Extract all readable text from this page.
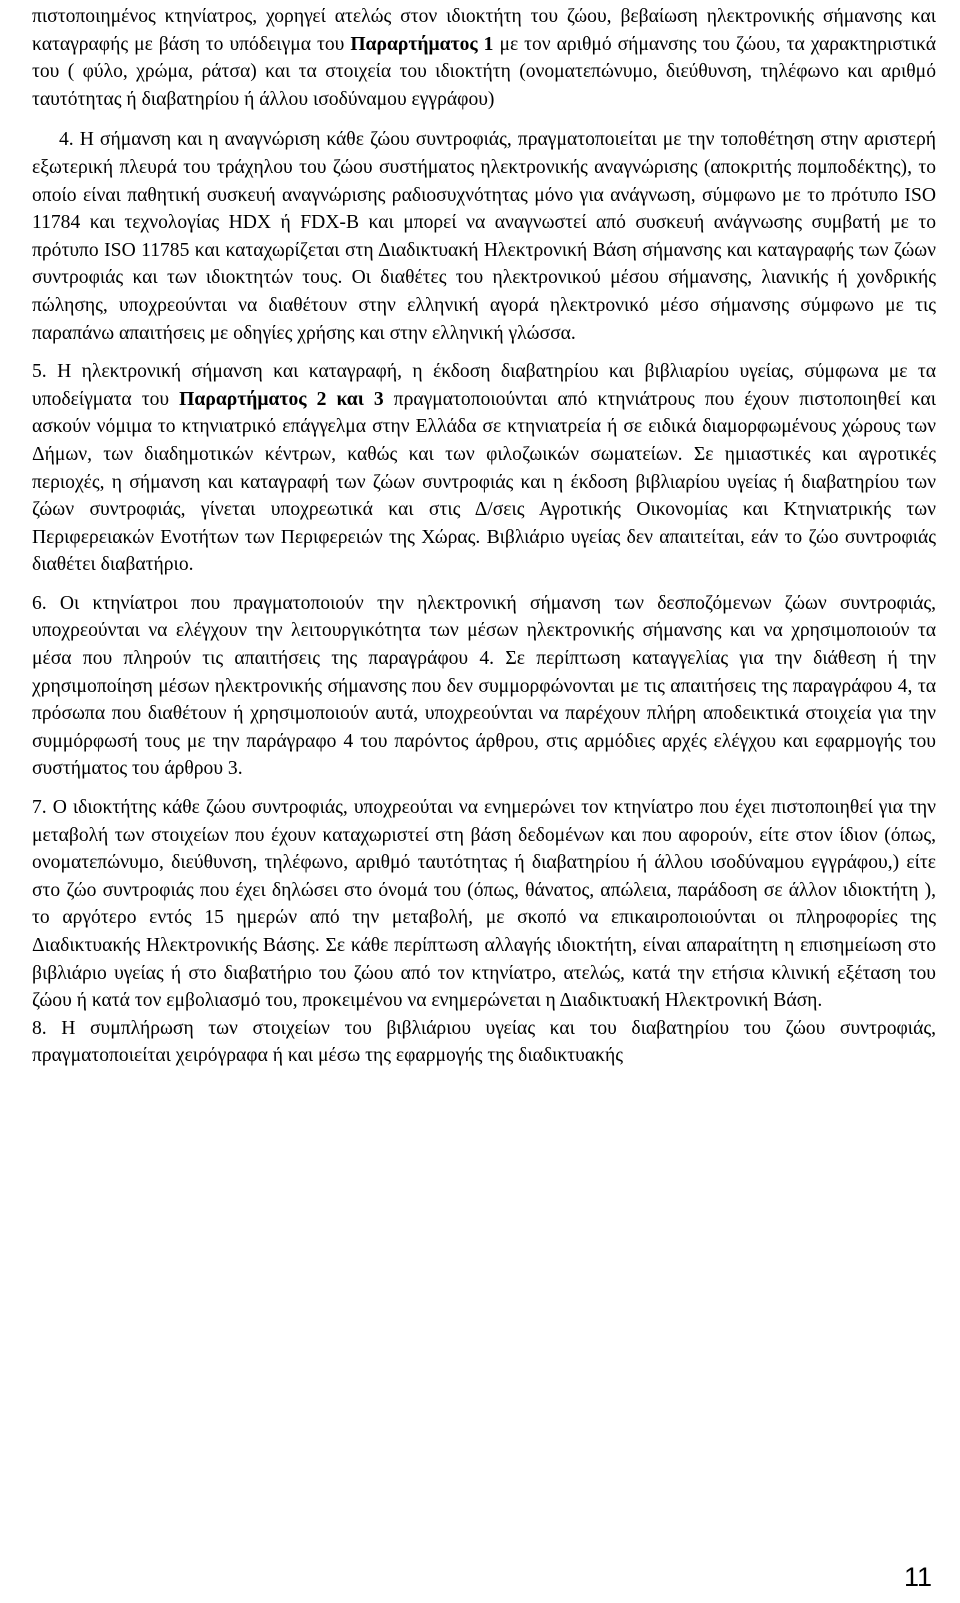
πιστοποιημένος κτηνίατρος, χορηγεί ατελώς στον ιδιοκτήτη του ζώου, βεβαίωση ηλεκτρονικής σήμανσης και καταγραφής με βάση το υπόδειγμα του Παραρτήματος 1 με τον αριθμό σήμανσης του ζώου, τα χαρακτηριστικά του ( φύλο, χρώμα, ράτσα) και τα στοιχεία του ιδιοκτήτη (ονοματεπώνυμο, διεύθυνση, τηλέφωνο και αριθμό ταυτότητας ή διαβατηρίου ή άλλου ισοδύναμου εγγράφου)

4. Η σήμανση και η αναγνώριση κάθε ζώου συντροφιάς, πραγματοποιείται με την τοποθέτηση στην αριστερή εξωτερική πλευρά του τράχηλου του ζώου συστήματος ηλεκτρονικής αναγνώρισης (αποκριτής πομποδέκτης), το οποίο είναι παθητική συσκευή αναγνώρισης ραδιοσυχνότητας μόνο για ανάγνωση, σύμφωνο με το πρότυπο ISO 11784 και τεχνολογίας HDX ή FDX-B και μπορεί να αναγνωστεί από συσκευή ανάγνωσης συμβατή με το πρότυπο ISO 11785 και καταχωρίζεται στη Διαδικτυακή Ηλεκτρονική Βάση σήμανσης και καταγραφής των ζώων συντροφιάς και των ιδιοκτητών τους. Οι διαθέτες του ηλεκτρονικού μέσου σήμανσης, λιανικής ή χονδρικής πώλησης, υποχρεούνται να διαθέτουν στην ελληνική αγορά ηλεκτρονικό μέσο σήμανσης σύμφωνο με τις παραπάνω απαιτήσεις με οδηγίες χρήσης και στην ελληνική γλώσσα.

5. Η ηλεκτρονική σήμανση και καταγραφή, η έκδοση διαβατηρίου και βιβλιαρίου υγείας, σύμφωνα με τα υποδείγματα του Παραρτήματος 2 και 3 πραγματοποιούνται από κτηνιάτρους που έχουν πιστοποιηθεί και ασκούν νόμιμα το κτηνιατρικό επάγγελμα στην Ελλάδα σε κτηνιατρεία ή σε ειδικά διαμορφωμένους χώρους των Δήμων, των διαδημοτικών κέντρων, καθώς και των φιλοζωικών σωματείων. Σε ημιαστικές και αγροτικές περιοχές, η σήμανση και καταγραφή των ζώων συντροφιάς και η έκδοση βιβλιαρίου υγείας ή διαβατηρίου των ζώων συντροφιάς, γίνεται υποχρεωτικά και στις Δ/σεις Αγροτικής Οικονομίας και Κτηνιατρικής των Περιφερειακών Ενοτήτων των Περιφερειών της Χώρας. Βιβλιάριο υγείας δεν απαιτείται, εάν το ζώο συντροφιάς διαθέτει διαβατήριο.

6. Οι κτηνίατροι που πραγματοποιούν την ηλεκτρονική σήμανση των δεσποζόμενων ζώων συντροφιάς, υποχρεούνται να ελέγχουν την λειτουργικότητα των μέσων ηλεκτρονικής σήμανσης και να χρησιμοποιούν τα μέσα που πληρούν τις απαιτήσεις της παραγράφου 4. Σε περίπτωση καταγγελίας για την διάθεση ή την χρησιμοποίηση μέσων ηλεκτρονικής σήμανσης που δεν συμμορφώνονται με τις απαιτήσεις της παραγράφου 4, τα πρόσωπα που διαθέτουν ή χρησιμοποιούν αυτά, υποχρεούνται να παρέχουν πλήρη αποδεικτικά στοιχεία για την συμμόρφωσή τους με την παράγραφο 4 του παρόντος άρθρου, στις αρμόδιες αρχές ελέγχου και εφαρμογής του συστήματος του άρθρου 3.

7. Ο ιδιοκτήτης κάθε ζώου συντροφιάς, υποχρεούται να ενημερώνει τον κτηνίατρο που έχει πιστοποιηθεί για την μεταβολή των στοιχείων που έχουν καταχωριστεί στη βάση δεδομένων και που αφορούν, είτε στον ίδιον (όπως, ονοματεπώνυμο, διεύθυνση, τηλέφωνο, αριθμό ταυτότητας ή διαβατηρίου ή άλλου ισοδύναμου εγγράφου,) είτε στο ζώο συντροφιάς που έχει δηλώσει στο όνομά του (όπως, θάνατος, απώλεια, παράδοση σε άλλον ιδιοκτήτη ), το αργότερο εντός 15 ημερών από την μεταβολή, με σκοπό να επικαιροποιούνται οι πληροφορίες της Διαδικτυακής Ηλεκτρονικής Βάσης. Σε κάθε περίπτωση αλλαγής ιδιοκτήτη, είναι απαραίτητη η επισημείωση στο βιβλιάριο υγείας ή στο διαβατήριο του ζώου από τον κτηνίατρο, ατελώς, κατά την ετήσια κλινική εξέταση του ζώου ή κατά τον εμβολιασμό του, προκειμένου να ενημερώνεται η Διαδικτυακή Ηλεκτρονική Βάση.

8. Η συμπλήρωση των στοιχείων του βιβλιάριου υγείας και του διαβατηρίου του ζώου συντροφιάς, πραγματοποιείται χειρόγραφα ή και μέσω της εφαρμογής της διαδικτυακής

11
